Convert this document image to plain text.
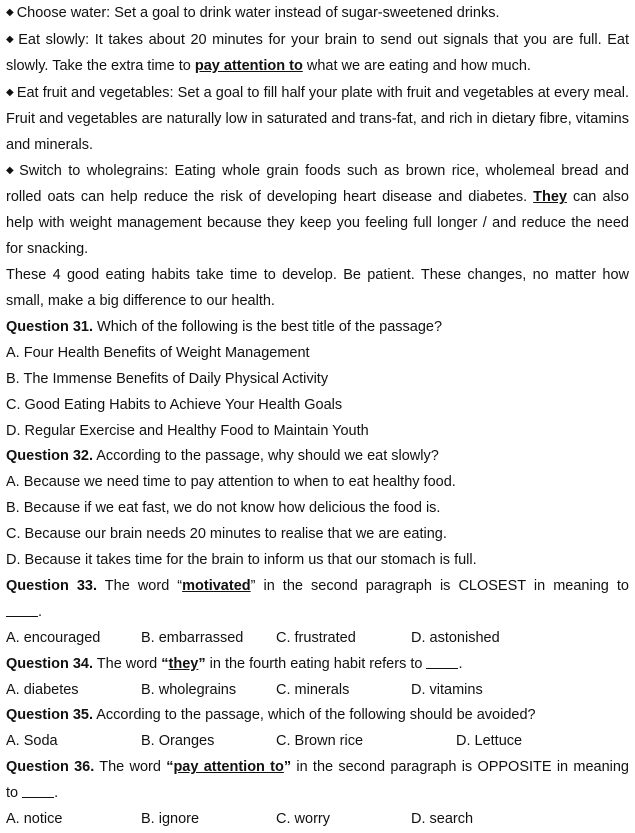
◆ Choose water: Set a goal to drink water instead of sugar-sweetened drinks.

◆ Eat slowly: It takes about 20 minutes for your brain to send out signals that you are full. Eat slowly. Take the extra time to pay attention to what we are eating and how much.

◆ Eat fruit and vegetables: Set a goal to fill half your plate with fruit and vegetables at every meal. Fruit and vegetables are naturally low in saturated and trans-fat, and rich in dietary fibre, vitamins and minerals.

◆ Switch to wholegrains: Eating whole grain foods such as brown rice, wholemeal bread and rolled oats can help reduce the risk of developing heart disease and diabetes. They can also help with weight management because they keep you feeling full longer / and reduce the need for snacking.

These 4 good eating habits take time to develop. Be patient. These changes, no matter how small, make a big difference to our health.

Question 31. Which of the following is the best title of the passage?

A. Four Health Benefits of Weight Management

B. The Immense Benefits of Daily Physical Activity

C. Good Eating Habits to Achieve Your Health Goals

D. Regular Exercise and Healthy Food to Maintain Youth

Question 32. According to the passage, why should we eat slowly?

A. Because we need time to pay attention to when to eat healthy food.

B. Because if we eat fast, we do not know how delicious the food is.

C. Because our brain needs 20 minutes to realise that we are eating.

D. Because it takes time for the brain to inform us that our stomach is full.

Question 33. The word “motivated” in the second paragraph is CLOSEST in meaning to

.

A. encouraged	B. embarrassed	C. frustrated	D. astonished

Question 34. The word “they” in the fourth eating habit refers to .

A. diabetes	B. wholegrains	C. minerals	D. vitamins

Question 35. According to the passage, which of the following should be avoided?

A. Soda	B. Oranges	C. Brown rice	D. Lettuce

Question 36. The word “pay attention to” in the second paragraph is OPPOSITE in meaning

to .

A. notice	B. ignore	C. worry	D. search
